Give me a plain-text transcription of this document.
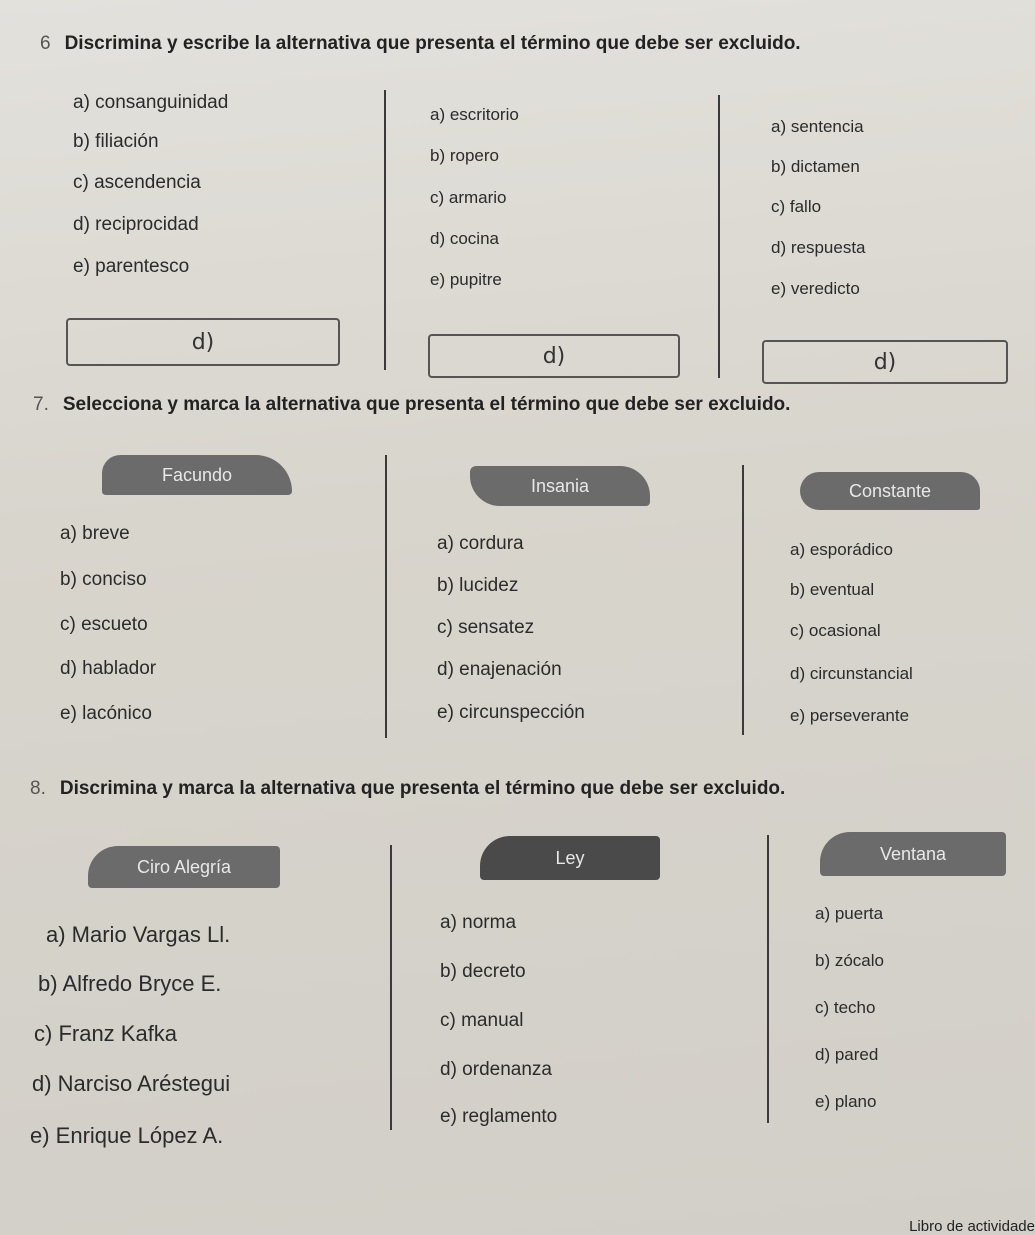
6 Discrimina y escribe la alternativa que presenta el término que debe ser excluido.
a) consanguinidad
b) filiación
c) ascendencia
d) reciprocidad
e) parentesco
a) escritorio
b) ropero
c) armario
d) cocina
e) pupitre
a) sentencia
b) dictamen
c) fallo
d) respuesta
e) veredicto
d)
d)	d)
7. Selecciona y marca la alternativa que presenta el término que debe ser excluido.
Facundo
Insania	Constante
a) breve
b) conciso
c) escueto
d) hablador
e) lacónico
a) cordura
b) lucidez
c) sensatez
d) enajenación
e) circunspección
a) esporádico
b) eventual
c) ocasional
d) circunstancial
e) perseverante
8. Discrimina y marca la alternativa que presenta el término que debe ser excluido.
Ciro Alegría	Ley	Ventana
a) Mario Vargas Ll.
b) Alfredo Bryce E.
c) Franz Kafka
d) Narciso Aréstegui
e) Enrique López A.
a) norma
b) decreto
c) manual
d) ordenanza
e) reglamento
a) puerta
b) zócalo
c) techo
d) pared
e) plano
Libro de actividade
